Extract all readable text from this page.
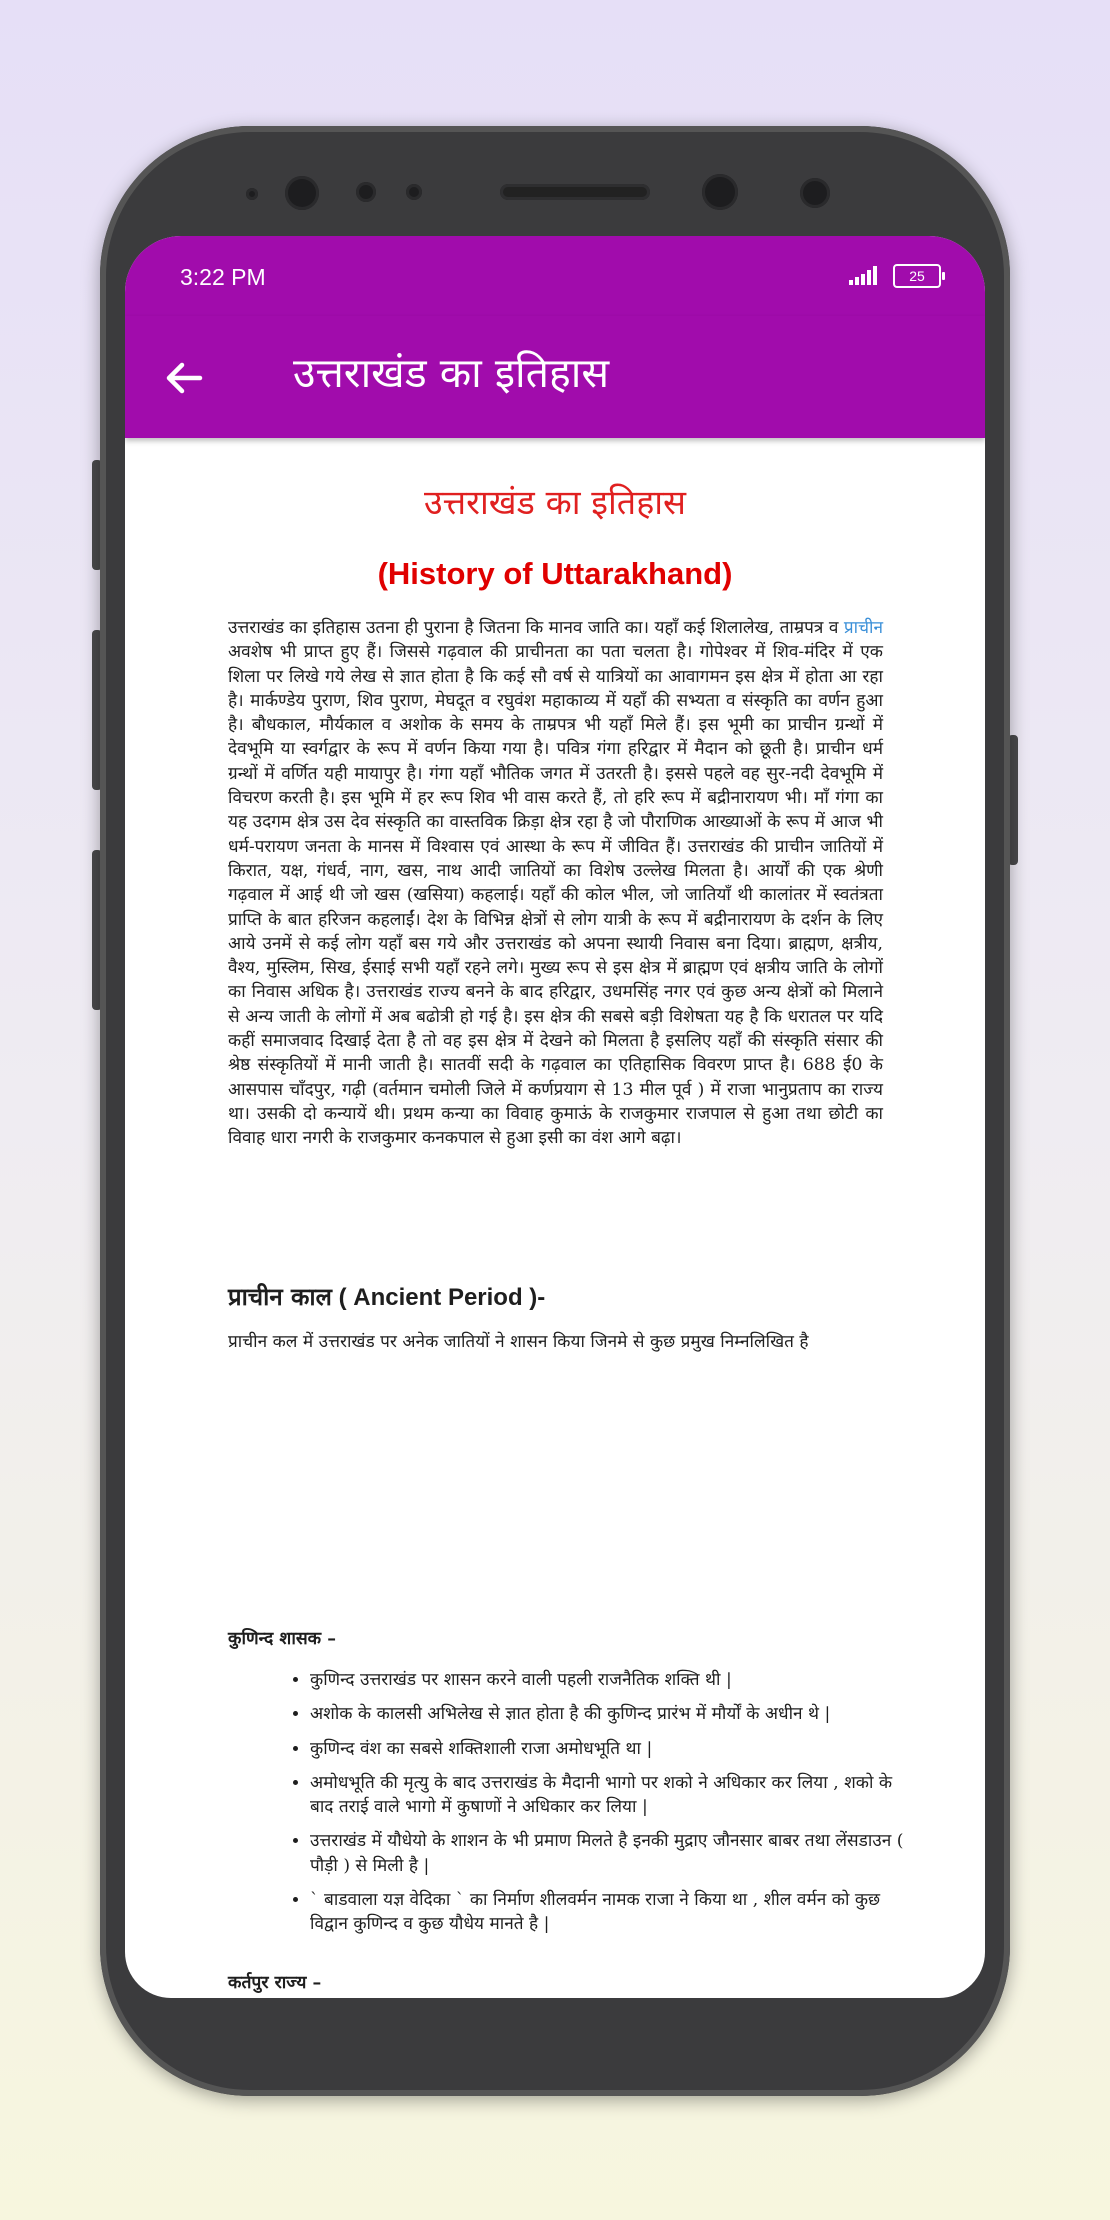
3:22 PM	25
उत्तराखंड का इतिहास
उत्तराखंड का इतिहास
(History of Uttarakhand)
उत्तराखंड का इतिहास उतना ही पुराना है जितना कि मानव जाति का। यहाँ कई शिलालेख, ताम्रपत्र व प्राचीन अवशेष भी प्राप्त हुए हैं। जिससे गढ़वाल की प्राचीनता का पता चलता है। गोपेश्वर में शिव-मंदिर में एक शिला पर लिखे गये लेख से ज्ञात होता है कि कई सौ वर्ष से यात्रियों का आवागमन इस क्षेत्र में होता आ रहा है। मार्कण्डेय पुराण, शिव पुराण, मेघदूत व रघुवंश महाकाव्य में यहाँ की सभ्यता व संस्कृति का वर्णन हुआ है। बौधकाल, मौर्यकाल व अशोक के समय के ताम्रपत्र भी यहाँ मिले हैं। इस भूमी का प्राचीन ग्रन्थों में देवभूमि या स्वर्गद्वार के रूप में वर्णन किया गया है। पवित्र गंगा हरिद्वार में मैदान को छूती है। प्राचीन धर्म ग्रन्थों में वर्णित यही मायापुर है। गंगा यहाँ भौतिक जगत में उतरती है। इससे पहले वह सुर-नदी देवभूमि में विचरण करती है। इस भूमि में हर रूप शिव भी वास करते हैं, तो हरि रूप में बद्रीनारायण भी। माँ गंगा का यह उदगम क्षेत्र उस देव संस्कृति का वास्तविक क्रिड़ा क्षेत्र रहा है जो पौराणिक आख्याओं के रूप में आज भी धर्म-परायण जनता के मानस में विश्वास एवं आस्था के रूप में जीवित हैं। उत्तराखंड की प्राचीन जातियों में किरात, यक्ष, गंधर्व, नाग, खस, नाथ आदी जातियों का विशेष उल्लेख मिलता है। आर्यों की एक श्रेणी गढ़वाल में आई थी जो खस (खसिया) कहलाई। यहाँ की कोल भील, जो जातियाँ थी कालांतर में स्वतंत्रता प्राप्ति के बात हरिजन कहलाईं। देश के विभिन्न क्षेत्रों से लोग यात्री के रूप में बद्रीनारायण के दर्शन के लिए आये उनमें से कई लोग यहाँ बस गये और उत्तराखंड को अपना स्थायी निवास बना दिया। ब्राह्मण, क्षत्रीय, वैश्य, मुस्लिम, सिख, ईसाई सभी यहाँ रहने लगे। मुख्य रूप से इस क्षेत्र में ब्राह्मण एवं क्षत्रीय जाति के लोगों का निवास अधिक है। उत्तराखंड राज्य बनने के बाद हरिद्वार, उधमसिंह नगर एवं कुछ अन्य क्षेत्रों को मिलाने से अन्य जाती के लोगों में अब बढोत्री हो गई है। इस क्षेत्र की सबसे बड़ी विशेषता यह है कि धरातल पर यदि कहीं समाजवाद दिखाई देता है तो वह इस क्षेत्र में देखने को मिलता है इसलिए यहाँ की संस्कृति संसार की श्रेष्ठ संस्कृतियों में मानी जाती है। सातवीं सदी के गढ़वाल का एतिहासिक विवरण प्राप्त है। 688 ई0 के आसपास चाँदपुर, गढ़ी (वर्तमान चमोली जिले में कर्णप्रयाग से 13 मील पूर्व ) में राजा भानुप्रताप का राज्य था। उसकी दो कन्यायें थी। प्रथम कन्या का विवाह कुमाऊं के राजकुमार राजपाल से हुआ तथा छोटी का विवाह धारा नगरी के राजकुमार कनकपाल से हुआ इसी का वंश आगे बढ़ा।
प्राचीन काल ( Ancient Period )-
प्राचीन कल में उत्तराखंड पर अनेक जातियों ने शासन किया जिनमे से कुछ प्रमुख निम्नलिखित है
कुणिन्द शासक –
• कुणिन्द उत्तराखंड पर शासन करने वाली पहली राजनैतिक शक्ति थी |
• अशोक के कालसी अभिलेख से ज्ञात होता है की कुणिन्द प्रारंभ में मौर्यों के अधीन थे |
• कुणिन्द वंश का सबसे शक्तिशाली राजा अमोधभूति था |
• अमोधभूति की मृत्यु के बाद उत्तराखंड के मैदानी भागो पर शको ने अधिकार कर लिया , शको के बाद तराई वाले भागो में कुषाणों ने अधिकार कर लिया |
• उत्तराखंड में यौधेयो के शाशन के भी प्रमाण मिलते है इनकी मुद्राए जौनसार बाबर तथा लेंसडाउन ( पौड़ी ) से मिली है |
• ` बाडवाला यज्ञ वेदिका ` का निर्माण शीलवर्मन नामक राजा ने किया था , शील वर्मन को कुछ विद्वान कुणिन्द व कुछ यौधेय मानते है |
कर्तपुर राज्य –
